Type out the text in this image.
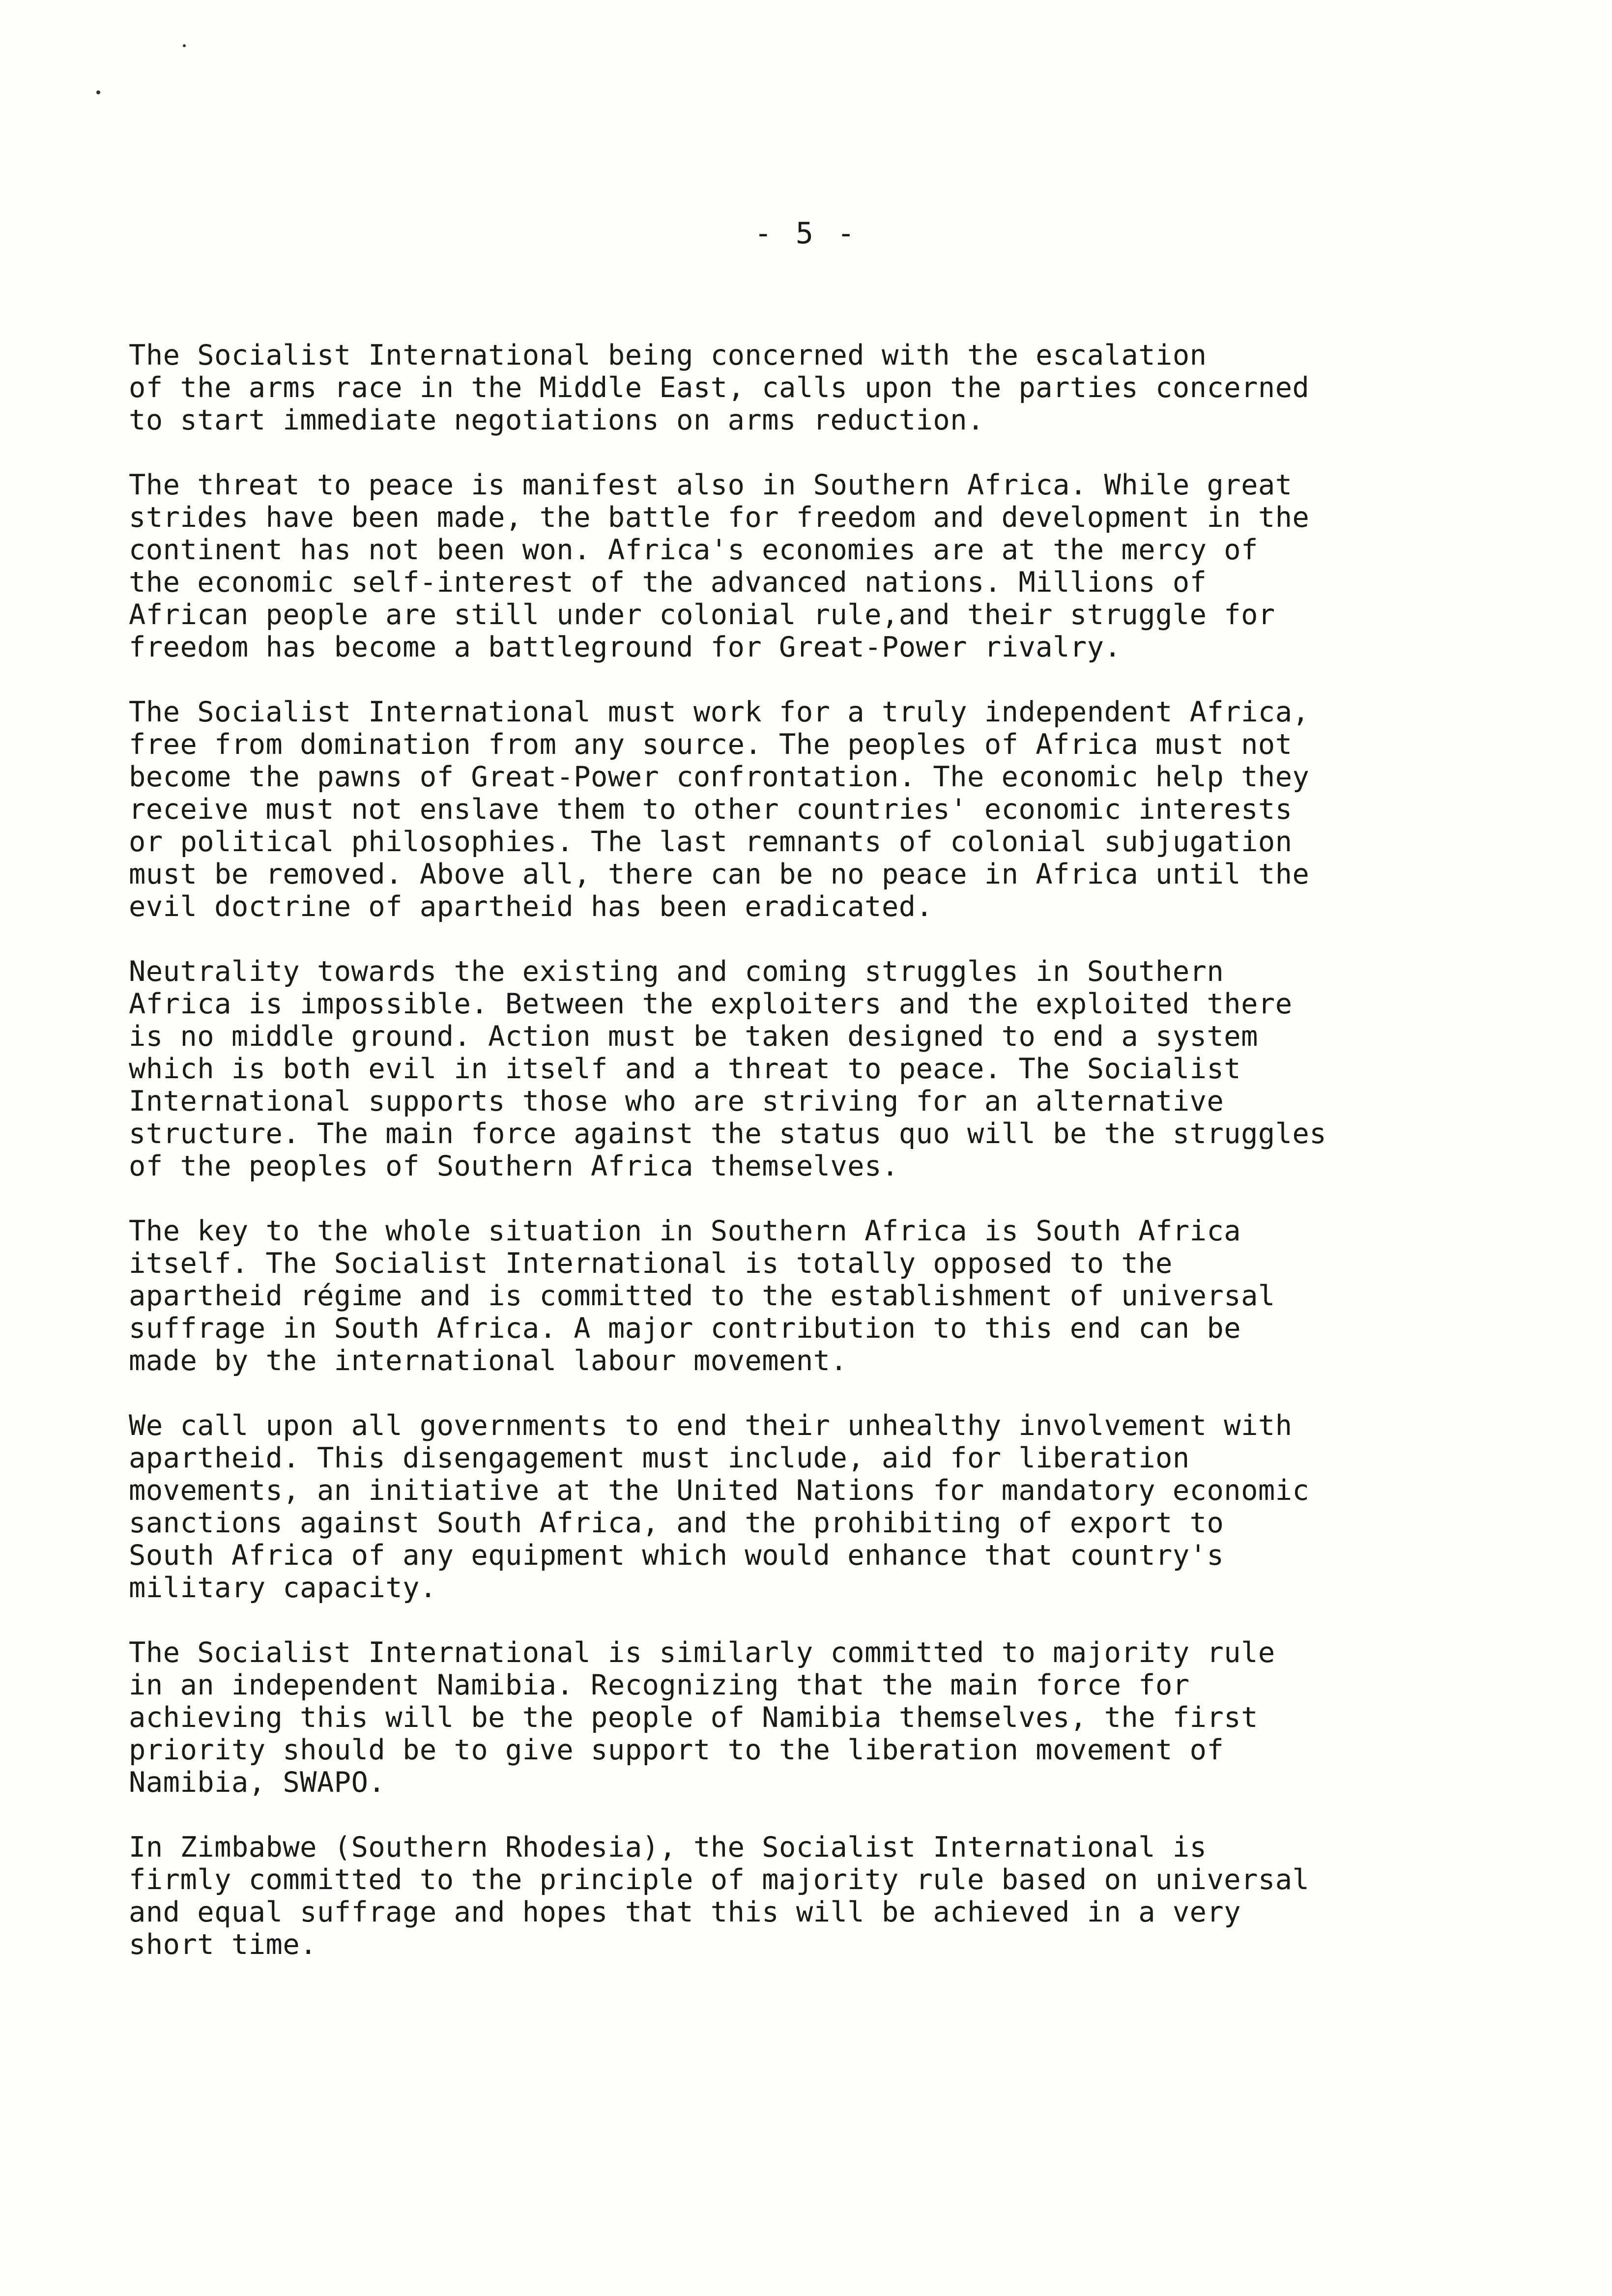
- 5 -

The Socialist International being concerned with the escalation
of the arms race in the Middle East, calls upon the parties concerned
to start immediate negotiations on arms reduction.

The threat to peace is manifest also in Southern Africa. While great
strides have been made, the battle for freedom and development in the
continent has not been won. Africa's economies are at the mercy of
the economic self-interest of the advanced nations. Millions of
African people are still under colonial rule,and their struggle for
freedom has become a battleground for Great-Power rivalry.

The Socialist International must work for a truly independent Africa,
free from domination from any source. The peoples of Africa must not
become the pawns of Great-Power confrontation. The economic help they
receive must not enslave them to other countries' economic interests
or political philosophies. The last remnants of colonial subjugation
must be removed. Above all, there can be no peace in Africa until the
evil doctrine of apartheid has been eradicated.

Neutrality towards the existing and coming struggles in Southern
Africa is impossible. Between the exploiters and the exploited there
is no middle ground. Action must be taken designed to end a system
which is both evil in itself and a threat to peace. The Socialist
International supports those who are striving for an alternative
structure. The main force against the status quo will be the struggles
of the peoples of Southern Africa themselves.

The key to the whole situation in Southern Africa is South Africa
itself. The Socialist International is totally opposed to the
apartheid régime and is committed to the establishment of universal
suffrage in South Africa. A major contribution to this end can be
made by the international labour movement.

We call upon all governments to end their unhealthy involvement with
apartheid. This disengagement must include, aid for liberation
movements, an initiative at the United Nations for mandatory economic
sanctions against South Africa, and the prohibiting of export to
South Africa of any equipment which would enhance that country's
military capacity.

The Socialist International is similarly committed to majority rule
in an independent Namibia. Recognizing that the main force for
achieving this will be the people of Namibia themselves, the first
priority should be to give support to the liberation movement of
Namibia, SWAPO.

In Zimbabwe (Southern Rhodesia), the Socialist International is
firmly committed to the principle of majority rule based on universal
and equal suffrage and hopes that this will be achieved in a very
short time.
